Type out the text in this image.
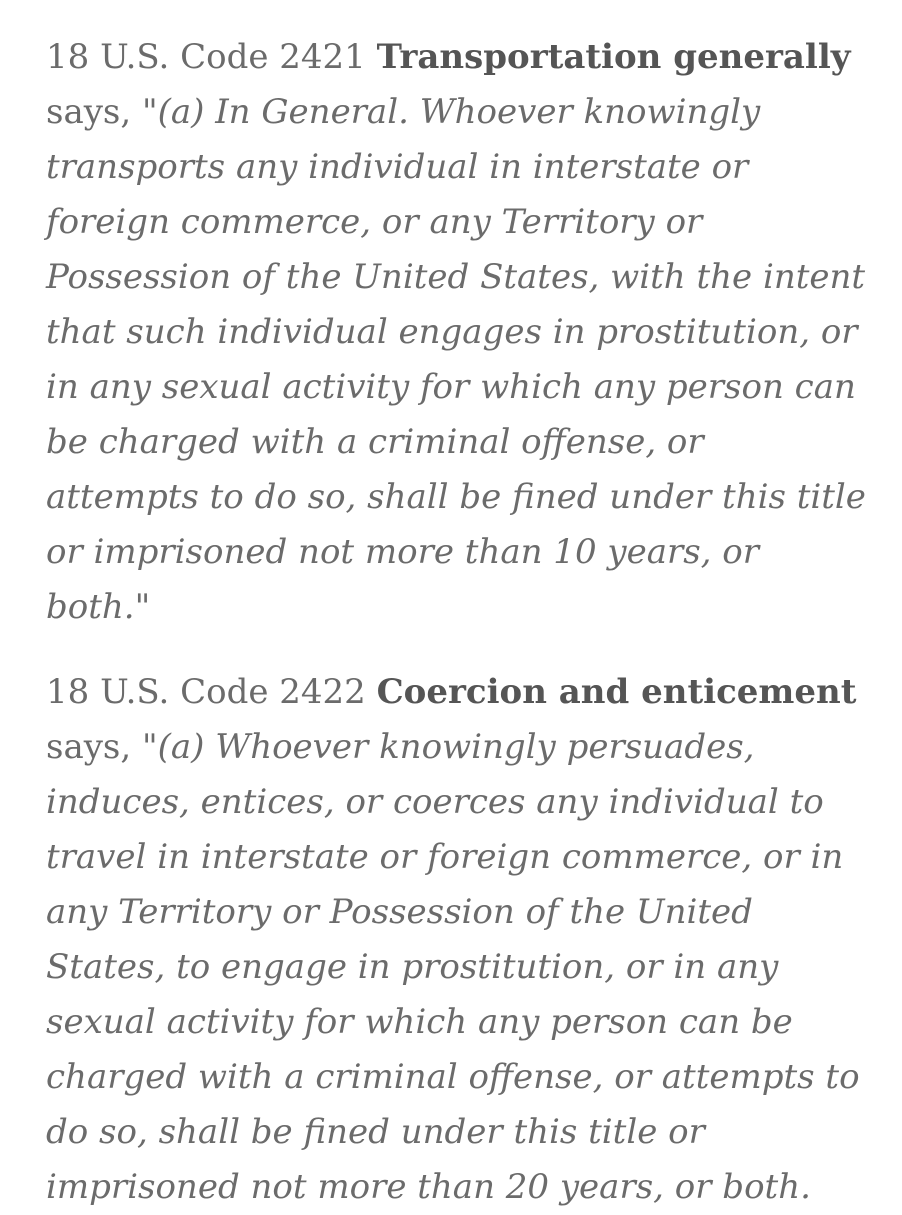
18 U.S. Code 2421 Transportation generally says, "(a) In General. Whoever knowingly transports any individual in interstate or foreign commerce, or any Territory or Possession of the United States, with the intent that such individual engages in prostitution, or in any sexual activity for which any person can be charged with a criminal offense, or attempts to do so, shall be fined under this title or imprisoned not more than 10 years, or both."

18 U.S. Code 2422 Coercion and enticement says, "(a) Whoever knowingly persuades, induces, entices, or coerces any individual to travel in interstate or foreign commerce, or in any Territory or Possession of the United States, to engage in prostitution, or in any sexual activity for which any person can be charged with a criminal offense, or attempts to do so, shall be fined under this title or imprisoned not more than 20 years, or both.
